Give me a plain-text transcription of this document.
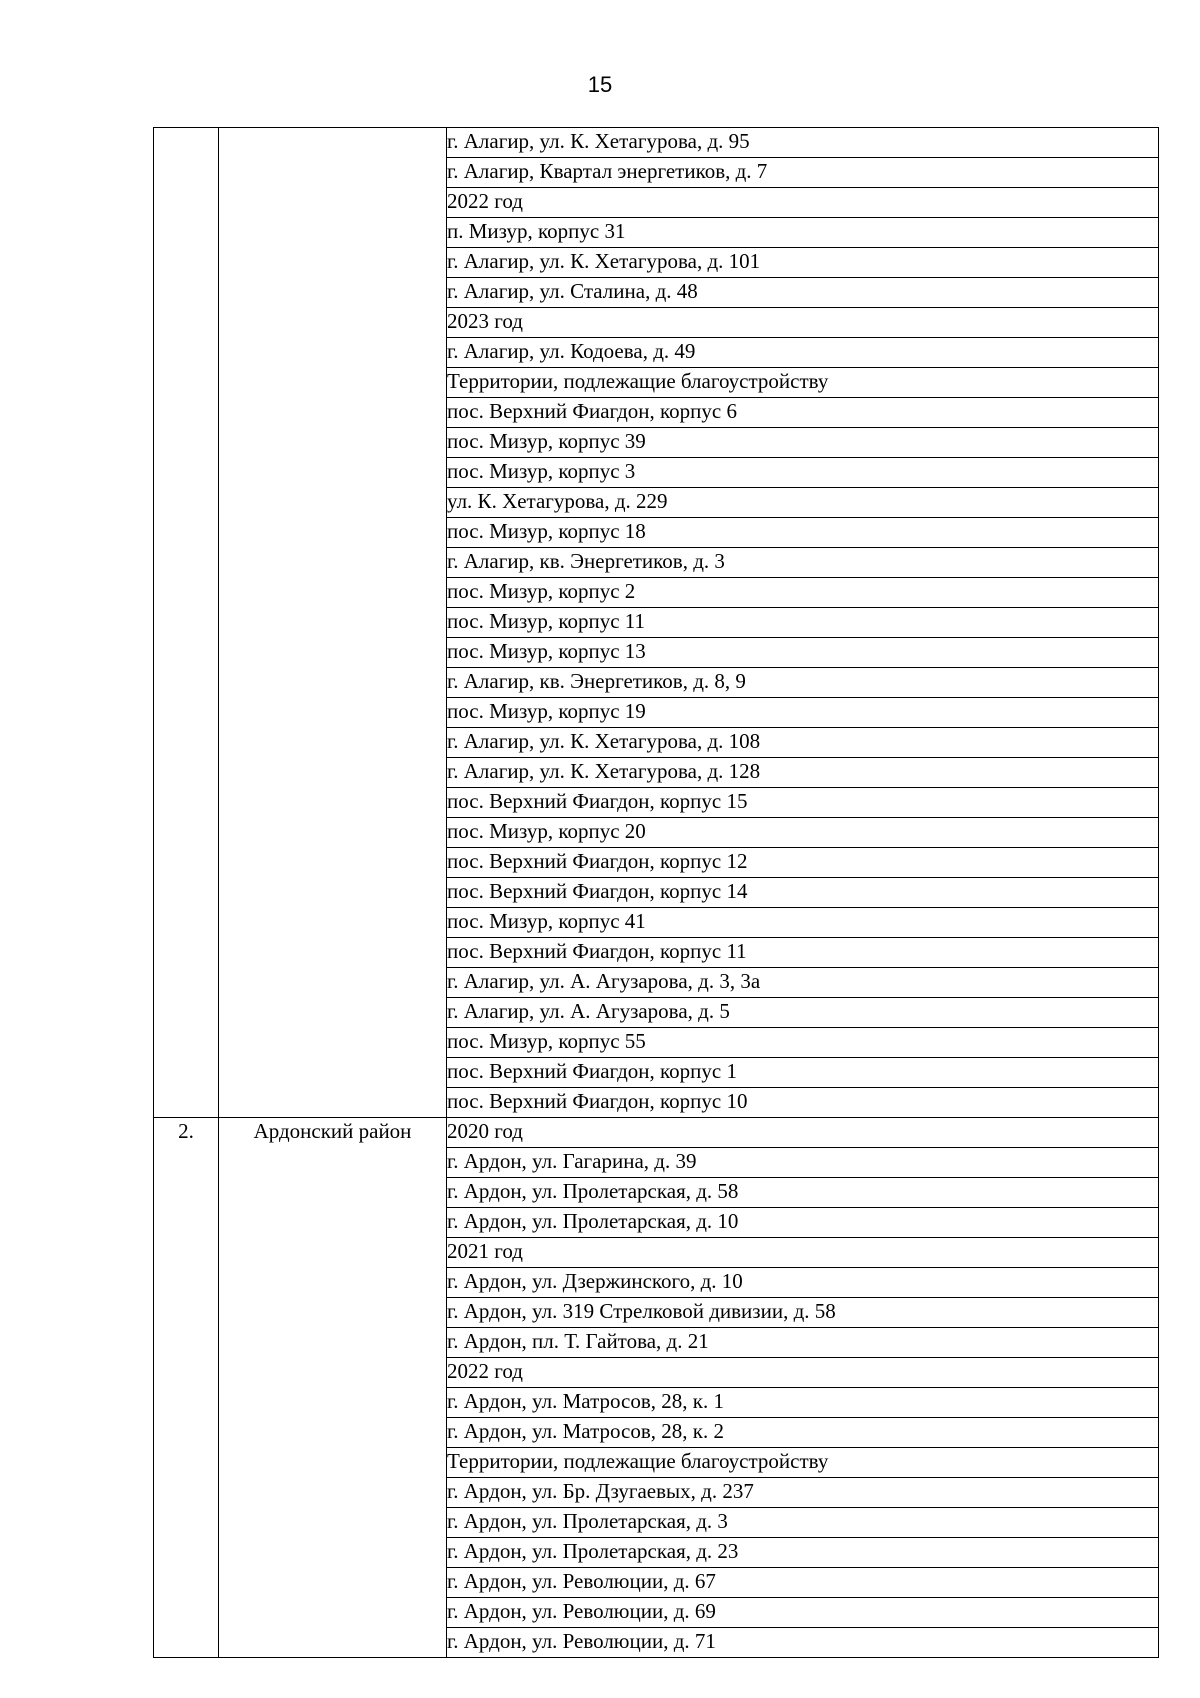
15
		г. Алагир, ул. К. Хетагурова, д. 95
		г. Алагир, Квартал энергетиков, д. 7
		2022 год
		п. Мизур, корпус 31
		г. Алагир, ул. К. Хетагурова, д. 101
		г. Алагир, ул. Сталина, д. 48
		2023 год
		г. Алагир, ул. Кодоева, д. 49
		Территории, подлежащие благоустройству
		пос. Верхний Фиагдон, корпус 6
		пос. Мизур, корпус 39
		пос. Мизур, корпус 3
		ул. К. Хетагурова, д. 229
		пос. Мизур, корпус 18
		г. Алагир, кв. Энергетиков, д. 3
		пос. Мизур, корпус 2
		пос. Мизур, корпус 11
		пос. Мизур, корпус 13
		г. Алагир, кв. Энергетиков, д. 8, 9
		пос. Мизур, корпус 19
		г. Алагир, ул. К. Хетагурова, д. 108
		г. Алагир, ул. К. Хетагурова, д. 128
		пос. Верхний Фиагдон, корпус 15
		пос. Мизур, корпус 20
		пос. Верхний Фиагдон, корпус 12
		пос. Верхний Фиагдон, корпус 14
		пос. Мизур, корпус 41
		пос. Верхний Фиагдон, корпус 11
		г. Алагир, ул. А. Агузарова, д. 3, 3а
		г. Алагир, ул. А. Агузарова, д. 5
		пос. Мизур, корпус 55
		пос. Верхний Фиагдон, корпус 1
		пос. Верхний Фиагдон, корпус 10
2.	Ардонский район	2020 год
		г. Ардон, ул. Гагарина, д. 39
		г. Ардон, ул. Пролетарская, д. 58
		г. Ардон, ул. Пролетарская, д. 10
		2021 год
		г. Ардон, ул. Дзержинского, д. 10
		г. Ардон, ул. 319 Стрелковой дивизии, д. 58
		г. Ардон, пл. Т. Гайтова, д. 21
		2022 год
		г. Ардон, ул. Матросов, 28, к. 1
		г. Ардон, ул. Матросов, 28, к. 2
		Территории, подлежащие благоустройству
		г. Ардон, ул. Бр. Дзугаевых, д. 237
		г. Ардон, ул. Пролетарская, д. 3
		г. Ардон, ул. Пролетарская, д. 23
		г. Ардон, ул. Революции, д. 67
		г. Ардон, ул. Революции, д. 69
		г. Ардон, ул. Революции, д. 71
